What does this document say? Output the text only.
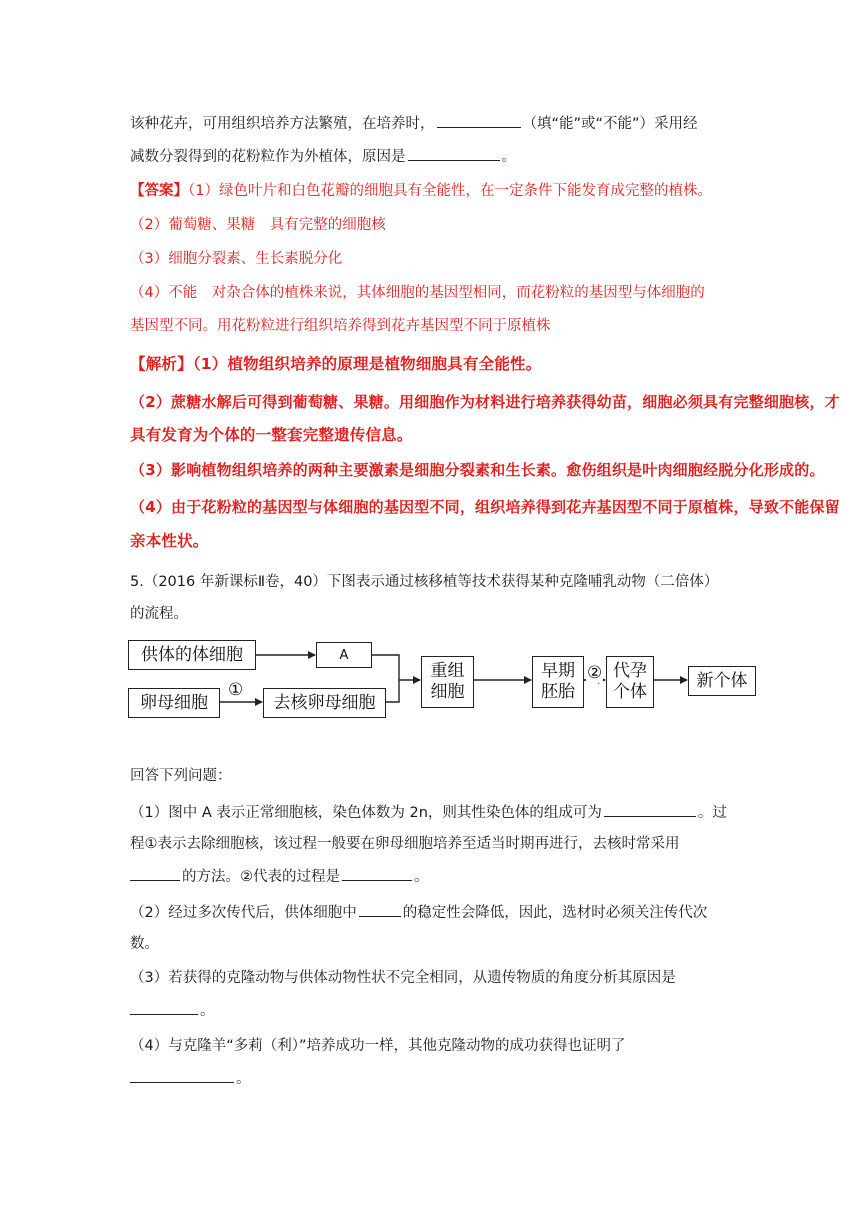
该种花卉，可用组织培养方法繁殖，在培养时，	（填“能”或“不能”）采用经
减数分裂得到的花粉粒作为外植体，原因是	。
【答案】（1）绿色叶片和白色花瓣的细胞具有全能性，在一定条件下能发育成完整的植株。
（2）葡萄糖、果糖　具有完整的细胞核
（3）细胞分裂素、生长素脱分化
（4）不能　对杂合体的植株来说，其体细胞的基因型相同，而花粉粒的基因型与体细胞的
基因型不同。用花粉粒进行组织培养得到花卉基因型不同于原植株
【解析】（1）植物组织培养的原理是植物细胞具有全能性。
（2）蔗糖水解后可得到葡萄糖、果糖。用细胞作为材料进行培养获得幼苗，细胞必须具有完整细胞核，才
具有发育为个体的一整套完整遗传信息。
（3）影响植物组织培养的两种主要激素是细胞分裂素和生长素。愈伤组织是叶肉细胞经脱分化形成的。
（4）由于花粉粒的基因型与体细胞的基因型不同，组织培养得到花卉基因型不同于原植株，导致不能保留
亲本性状。
5.（2016 年新课标Ⅱ卷，40）下图表示通过核移植等技术获得某种克隆哺乳动物（二倍体）
的流程。
供体的体细胞	A
卵母细胞
①
去核卵母细胞
重组
细胞
早期
胚胎
② 代孕
个体
新个体
回答下列问题：
（1）图中 A 表示正常细胞核，染色体数为 2n，则其性染色体的组成可为	。过
程①表示去除细胞核，该过程一般要在卵母细胞培养至适当时期再进行，去核时常采用
的方法。②代表的过程是	。
（2）经过多次传代后，供体细胞中	的稳定性会降低，因此，选材时必须关注传代次
数。
（3）若获得的克隆动物与供体动物性状不完全相同，从遗传物质的角度分析其原因是
。
（4）与克隆羊“多莉（利）”培养成功一样，其他克隆动物的成功获得也证明了
。
